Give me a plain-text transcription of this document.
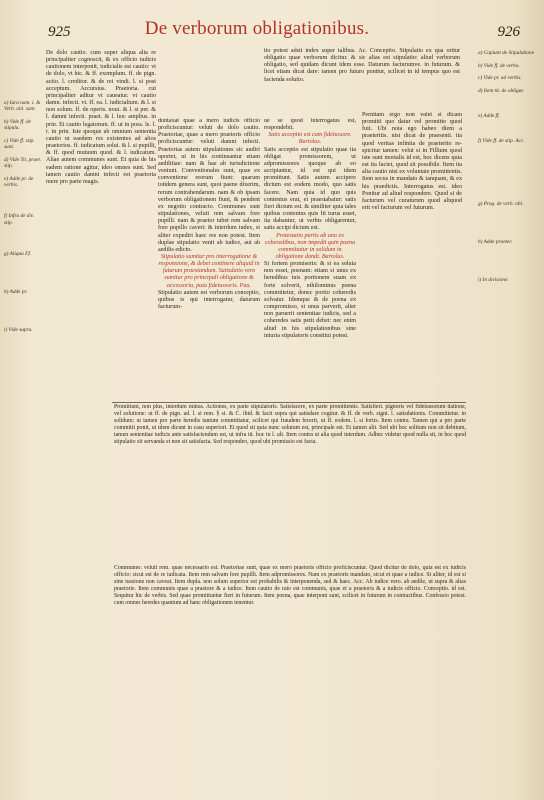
925	De verborum obligationibus.	926
a) Iura nam. i. & Verb. obl. sunt.

b) Vide ff. de stipula.

c) Vide ff. stip. sunt.

d) Vide Tit. praet. stip.

e) Adde pr. de verbis.

f) Infra de div. stip.

g) Aliqua Ff.

h) Adde pr.

i) Vide supra.
a) Capiunt de Stipulatione

b) Vide ff. de verbo.

c) Vide pr. ad verbis.

d) Item tit. de obligat.

e) Adde ff.

f) Vide ff. de stip. Acc.

g) Prog. de verb. obl.

h) Adde praeter.

i) In divisione.

De dolo cautio. cum super aliqua alia re principaliter cognoscit, & ex officio iudicis cautionem interponit, iudicialis est cautio: vt de dolo, vt hic. & ff. exemplum. ff. de pign. actio. l. creditor. & de rei vindi. l. si post acceptum. Accursius. Praetoria. cui principaliter aditur vt caueatur. vt cautio damn. infecti. vt. ff. ea. l. iudicialium. & l. si non solum. ff. de operis. noui. & l. si per. & l. damni infecti. praet. & l. hoc amplius. in prin. Et cautio legatorum. ff. ut in poss. le. l. i. in prin. Iste quoque ab omnium sententia cautio ut eaedem res existentes ad alios praetorios. ff. iudicatum solui. & l. si pupilli, & ff. quod mutuum quod. & l. iudicatum. Aliae autem communes sunt. Et quia de his eadem ratione agitur, ideo omnes sunt. Sed tamen cautio damni infecti est praetoria mere pro parte magis.

duntaxat quae a mero iudicis officio proficiscuntur: veluti de dolo cautio. Praetoriae, quae a mero praetoris officio proficiscuntur: veluti damni infecti. Praetorias autem stipulationes sic audiri oportet, ut in his contineantur etiam aedilitiae: nam & hae ab iurisdictione veniunt. Conventionales sunt, quae ex conventione reorum fiunt: quarum totidem genera sunt, quot paene dixerim, rerum contrahendarum. nam & ob ipsam verborum obligationem fiunt, & pendent ex negotio contracto. Communes sunt stipulationes, veluti rem salvam fore pupilli. nam & praetor iubet rem salvam fore pupillo caveri: & interdum iudex, si aliter expediri haec res non potest. Item duplae stipulatio venit ab iudice, aut ab aedilis edicto.

Stipulatio sumitur pro interrogatione & responsione, & debet continere aliquid in futurum praestandum. Satisdatio vero sumitur pro principali obligatione & accessoria, puta fideiussoris. Pau.

Stipulatio autem est verborum conceptio, quibus is qui interrogatur, daturum facturum-

tio potest adsit index super talibus. Ac. Conceptio. Stipulatio ex qua oritur obligatio quae verborum dicitur. & sic alias est stipulatio: aliud verborum obligatio, sed quidam dicunt idem esse. Daturum facturumve. in futurum. & licet etiam dicat dare: tamen pro futuro ponitur, scilicet in id tempus quo est facienda solutio.

ue se quod interrogatus est, respondebit.

Satis acceptio est cum fideiussore. Bartolus.

Satis acceptio est stipulatio quae ita obligat promissorem, ut adpromissores quoque ab eo accipiantur, id est qui idem promittunt. Satis autem accipere dictum est eodem modo, quo satis facere. Nam quia id quo quis contentus erat, ei praestabatur: satis fieri dictum est. & similiter quia tales quibus contentus quis fit turus esset, ita dabantur, ut verbis obligarentur, satis accipi dictum est.

Protestatio partis ab uno ex coheredibus, non impedit quin poena committatur in solidum in obligatione dandi. Bartolus.

Si fortem promiseris: & si ea soluta non esset, poenam: etiam si unus ex heredibus tuis portionem suam ex forte solverit, nihilominus poena committetur, donec portio coheredis solvatur. Idemque & de poena ex compromisso, si unus parverit, alter non paruerit sententiae iudicis, sed a coheredes satis petit debet: nec enim aliud in his stipulationibus sine iniuria stipulatoris constitui potest.

Pernitam ergo non valet si dicam promitti quo datur vel promitto quod fuit. Ubi nota ego habeo diem a praeteritis. nisi dicat de praesenti. ita quod veritas infinita de praeterito re-spicitur tamen: velut si in Fillium quod iste sunt mortalis id est, hoc dicens quia est ita faciet, quod sit possibile. Item ita alia cautio nisi ex voluntate promittentis. Item secus in mandato & tanquam, & ex his praedictis. Interrogatus est. ideo Ponitur ad aliud respondere. Quod si de facturum vel curaturum quod aliquod erit vel facturum vel futurum.

Promittunt, non plus, interdum minus. Actiones, ex parte stipulatoris. Satisfacere, ex parte promittentis. Satisfieri. pignoris vel fideiussorum datione, vel solutione: ut ff. de pign. ad. l. si rem. § si. & C. ibid. & facit supra qui satisdare cogitur. & ff. de verb. signi. l. satisdationis. Committetur. in solidum: ut tamen pro parte heredis tantum committatur, scilicet qui fraudem fecerit, ut ff. eodem. l. si fortis. Item contra. Tamen qui a pro parte committi ponit, ut idem dicunt in casu superiori. Et quod sit quia nunc solutum est, principale est. Et tamen alii. Sed ubi hoc solitum non sit debitum, tamen sententiae iudicis ante satisfaciendum est, ut infra tit. hoc in l. ult. Item contra ut alia quod interdum. Adhuc videtur quod nulla sit, in hoc quod stipulatio sit servanda et non sit satisfacta. Sed respondeo, quod ubi promissio est facta.

Communes: veluti rem. quae necessario est. Praetoriae sunt, quae ex mero praetoris officio proficiscuntur. Quod dicitur de dolo, quia est ex iudicis officio: sicut est de re iudicata. Item rem salvam fore pupilli. Item adpromissores. Nam ex praetoris mandato, sicut et quae a iudice. Si aliter, id est si sine iussione non caveat. Item dupla. non solum superior est probabilis & interponenda, sed & haec. Acc. Ab iudice vero. ab aedile, ut supra & alias praetorie. Item communis quae a praetore & a iudice. Item cautio de rato est communis, quae et a praetoris & a iudicis officio. Conceptio. id est. Sequitur hic de verbis. Sed quae promittuntur fieri in futurum. Item poena, quae interponi sunt, scilicet in futurum in contractibus. Confessio potest. cum omnes heredes quantum ad hanc obligationem tenentur.
